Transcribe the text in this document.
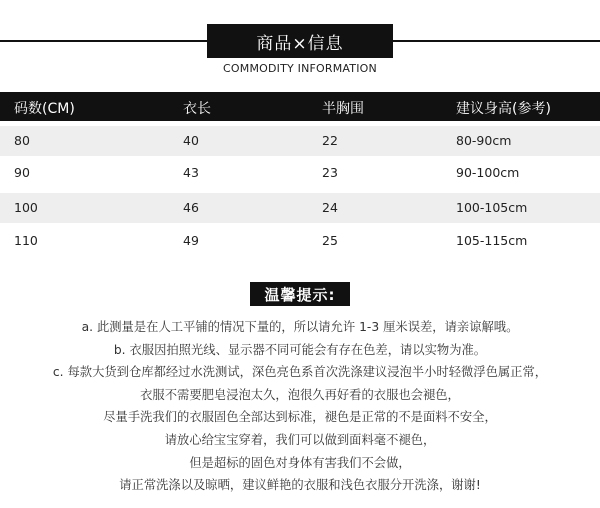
商品×信息
COMMODITY INFORMATION
码数(CM)	衣长	半胸围	建议身高(参考)
80	40	22	80-90cm
90	43	23	90-100cm
100	46	24	100-105cm
110	49	25	105-115cm
温馨提示:
a. 此测量是在人工平铺的情况下量的，所以请允许 1-3 厘米误差，请亲谅解哦。
b. 衣服因拍照光线、显示器不同可能会有存在色差，请以实物为准。
c. 每款大货到仓库都经过水洗测试，深色亮色系首次洗涤建议浸泡半小时轻微浮色属正常，
衣服不需要肥皂浸泡太久，泡很久再好看的衣服也会褪色，
尽量手洗我们的衣服固色全部达到标准，褪色是正常的不是面料不安全，
请放心给宝宝穿着，我们可以做到面料毫不褪色，
但是超标的固色对身体有害我们不会做，
请正常洗涤以及晾晒，建议鲜艳的衣服和浅色衣服分开洗涤，谢谢!
